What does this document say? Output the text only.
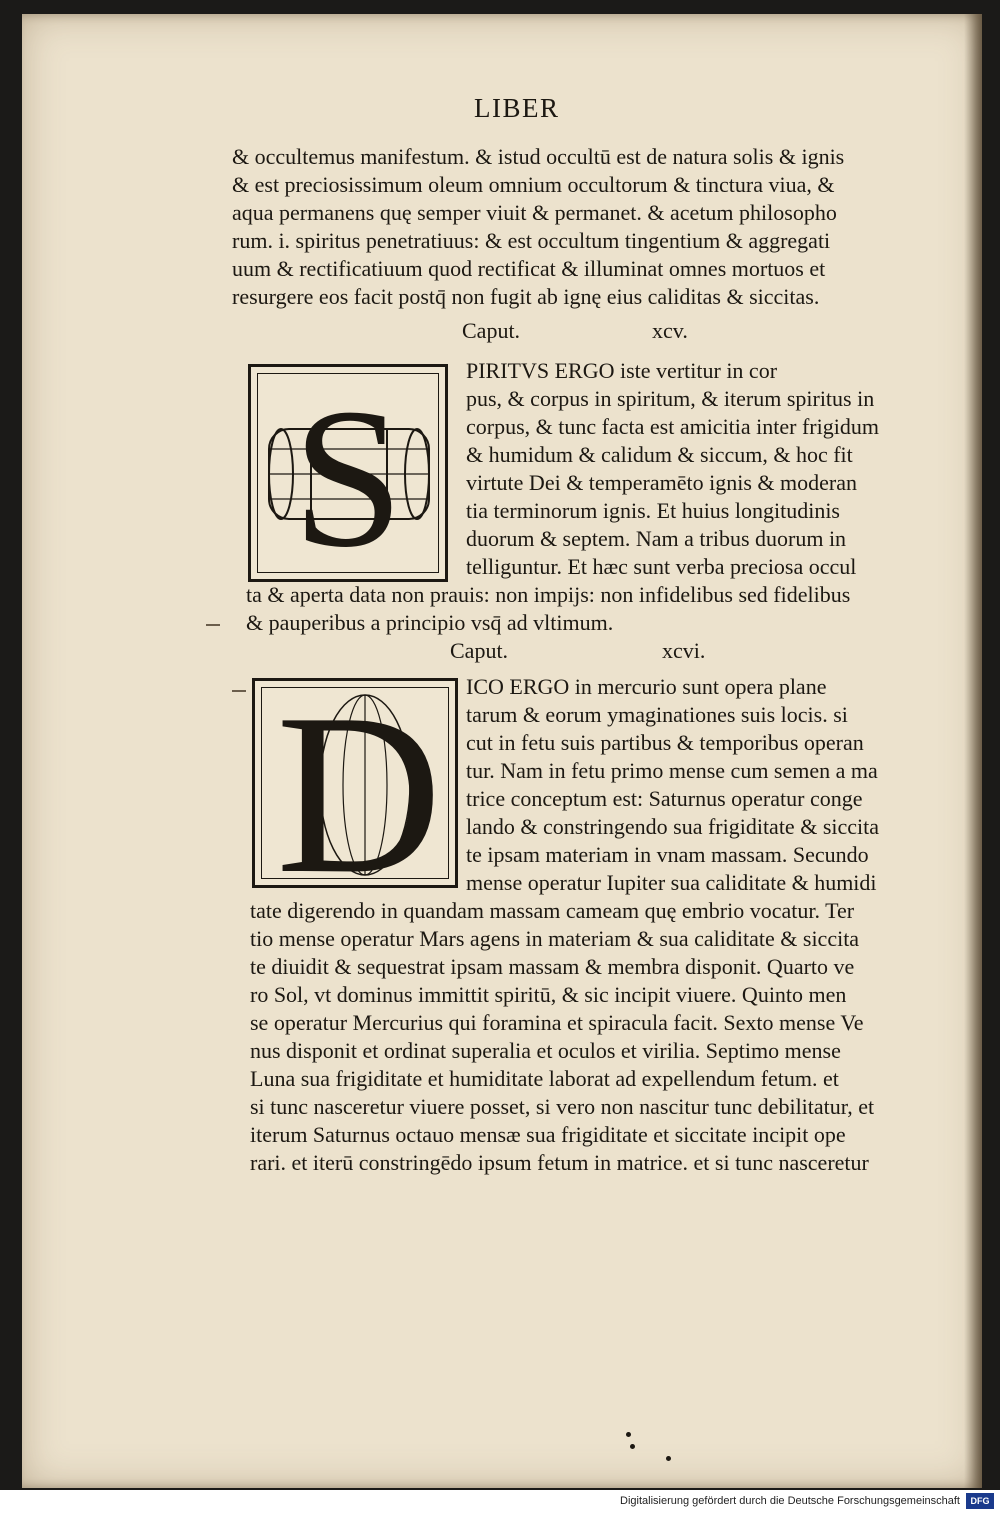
LIBER
& occultemus manifestum. & istud occultū est de natura solis & ignis
& est preciosissimum oleum omnium occultorum & tinctura viua, &
aqua permanens quę semper viuit & permanet. & acetum philosopho
rum. i. spiritus penetratiuus: & est occultum tingentium & aggregati
uum & rectificatiuum quod rectificat & illuminat omnes mortuos et
resurgere eos facit postq̄ non fugit ab ignę eius caliditas & siccitas.
Caput.	xcv.
S	PIRITVS ERGO iste vertitur in cor
pus, & corpus in spiritum, & iterum spiritus in
corpus, & tunc facta est amicitia inter frigidum
& humidum & calidum & siccum, & hoc fit
virtute Dei & temperamēto ignis & moderan
tia terminorum ignis. Et huius longitudinis
duorum & septem. Nam a tribus duorum in
telliguntur. Et hæc sunt verba preciosa occul
ta & aperta data non prauis: non impijs: non infidelibus sed fidelibus
& pauperibus a principio vsq̄ ad vltimum.
Caput.	xcvi.
D ICO ERGO in mercurio sunt opera plane
tarum & eorum ymaginationes suis locis. si
cut in fetu suis partibus & temporibus operan
tur. Nam in fetu primo mense cum semen a ma
trice conceptum est: Saturnus operatur conge
lando & constringendo sua frigiditate & siccita
te ipsam materiam in vnam massam. Secundo
mense operatur Iupiter sua caliditate & humidi
tate digerendo in quandam massam cameam quę embrio vocatur. Ter
tio mense operatur Mars agens in materiam & sua caliditate & siccita
te diuidit & sequestrat ipsam massam & membra disponit. Quarto ve
ro Sol, vt dominus immittit spiritū, & sic incipit viuere. Quinto men
se operatur Mercurius qui foramina et spiracula facit. Sexto mense Ve
nus disponit et ordinat superalia et oculos et virilia. Septimo mense
Luna sua frigiditate et humiditate laborat ad expellendum fetum. et
si tunc nasceretur viuere posset, si vero non nascitur tunc debilitatur, et
iterum Saturnus octauo mensæ sua frigiditate et siccitate incipit ope
rari. et iterū constringēdo ipsum fetum in matrice. et si tunc nasceretur
Digitalisierung gefördert durch die Deutsche Forschungsgemeinschaft	DFG
